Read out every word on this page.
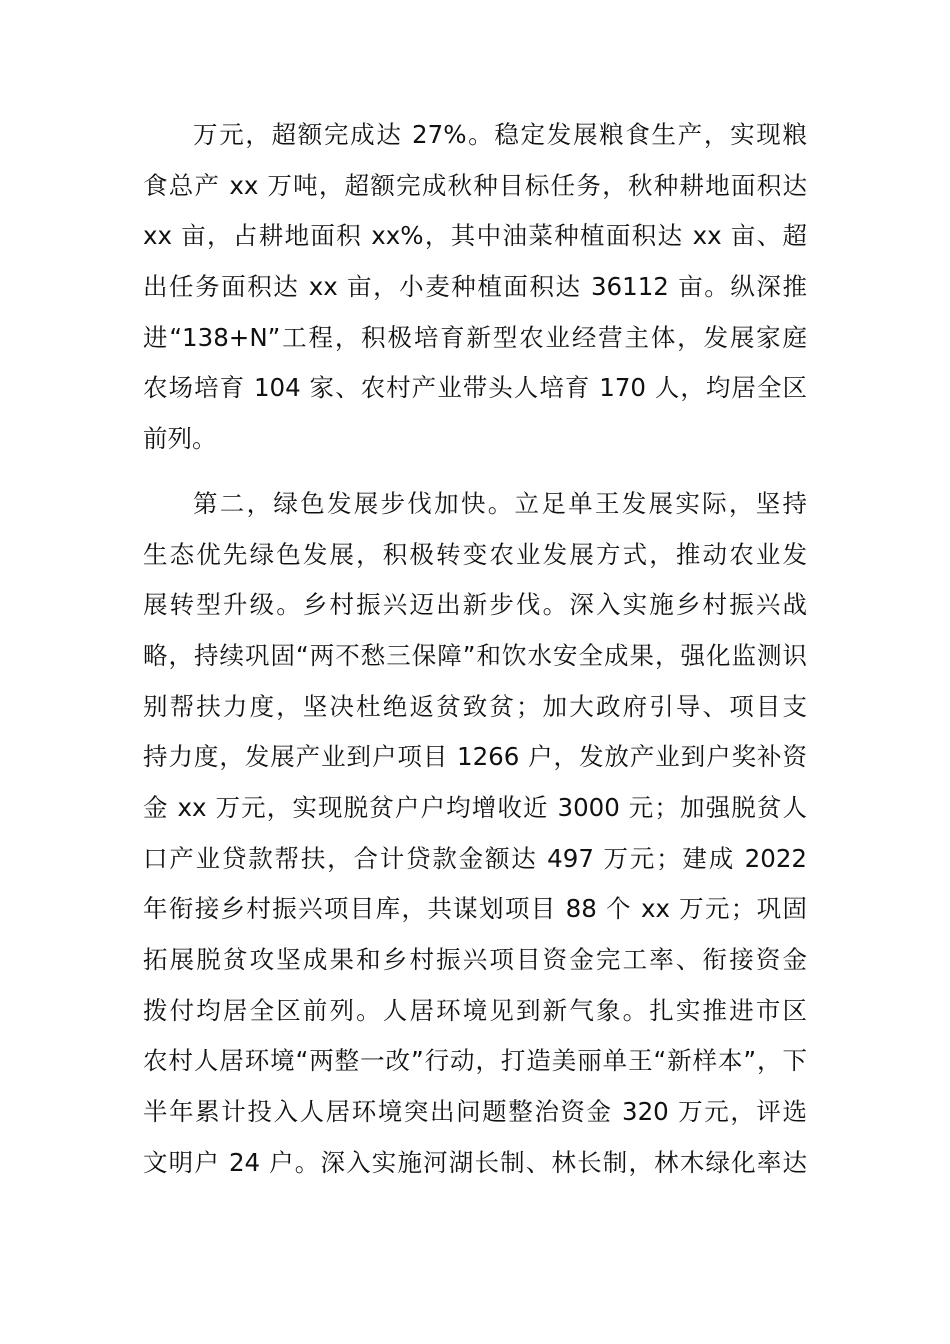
万元，超额完成达 27%。稳定发展粮食生产，实现粮
食总产 xx 万吨，超额完成秋种目标任务，秋种耕地面积达
xx 亩，占耕地面积 xx%，其中油菜种植面积达 xx 亩、超
出任务面积达 xx 亩，小麦种植面积达 36112 亩。纵深推
进“138+N”工程，积极培育新型农业经营主体，发展家庭
农场培育 104 家、农村产业带头人培育 170 人，均居全区
前列。
第二，绿色发展步伐加快。立足单王发展实际，坚持
生态优先绿色发展，积极转变农业发展方式，推动农业发
展转型升级。乡村振兴迈出新步伐。深入实施乡村振兴战
略，持续巩固“两不愁三保障”和饮水安全成果，强化监测识
别帮扶力度，坚决杜绝返贫致贫；加大政府引导、项目支
持力度，发展产业到户项目 1266 户，发放产业到户奖补资
金 xx 万元，实现脱贫户户均增收近 3000 元；加强脱贫人
口产业贷款帮扶，合计贷款金额达 497 万元；建成 2022
年衔接乡村振兴项目库，共谋划项目 88 个 xx 万元；巩固
拓展脱贫攻坚成果和乡村振兴项目资金完工率、衔接资金
拨付均居全区前列。人居环境见到新气象。扎实推进市区
农村人居环境“两整一改”行动，打造美丽单王“新样本”，下
半年累计投入人居环境突出问题整治资金 320 万元，评选
文明户 24 户。深入实施河湖长制、林长制，林木绿化率达
